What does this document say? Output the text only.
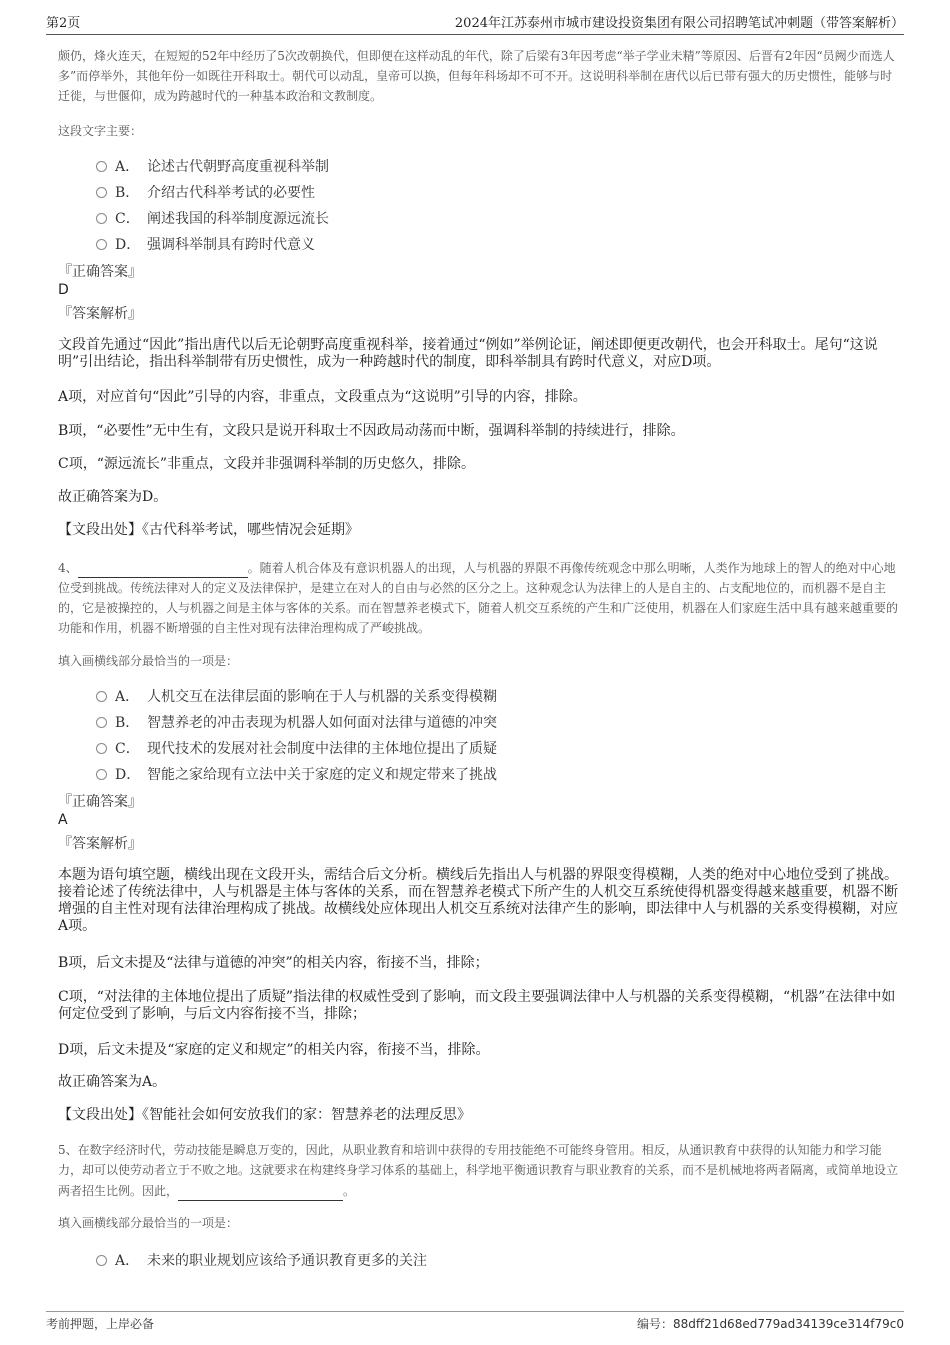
第2页	2024年江苏泰州市城市建设投资集团有限公司招聘笔试冲刺题（带答案解析）
颇仍，烽火连天，在短短的52年中经历了5次改朝换代，但即便在这样动乱的年代，除了后梁有3年因考虑“举子学业未精”等原因、后晋有2年因“员阙少而选人多”而停举外，其他年份一如既往开科取士。朝代可以动乱，皇帝可以换，但每年科场却不可不开。这说明科举制在唐代以后已带有强大的历史惯性，能够与时迁徙，与世偃仰，成为跨越时代的一种基本政治和文教制度。
这段文字主要：
A． 论述古代朝野高度重视科举制
B． 介绍古代科举考试的必要性
C． 阐述我国的科举制度源远流长
D． 强调科举制具有跨时代意义
『正确答案』
D
『答案解析』
文段首先通过“因此”指出唐代以后无论朝野高度重视科举，接着通过“例如”举例论证，阐述即便更改朝代，也会开科取士。尾句“这说明”引出结论，指出科举制带有历史惯性，成为一种跨越时代的制度，即科举制具有跨时代意义，对应D项。
A项，对应首句“因此”引导的内容，非重点，文段重点为“这说明”引导的内容，排除。
B项，“必要性”无中生有，文段只是说开科取士不因政局动荡而中断，强调科举制的持续进行，排除。
C项，“源远流长”非重点，文段并非强调科举制的历史悠久，排除。
故正确答案为D。
【文段出处】《古代科举考试，哪些情况会延期》
4、	。随着人机合体及有意识机器人的出现，人与机器的界限不再像传统观念中那么明晰，人类作为地球上的智人的绝对中心地位受到挑战。传统法律对人的定义及法律保护，是建立在对人的自由与必然的区分之上。这种观念认为法律上的人是自主的、占支配地位的，而机器不是自主的，它是被操控的，人与机器之间是主体与客体的关系。而在智慧养老模式下，随着人机交互系统的产生和广泛使用，机器在人们家庭生活中具有越来越重要的功能和作用，机器不断增强的自主性对现有法律治理构成了严峻挑战。
填入画横线部分最恰当的一项是：
A． 人机交互在法律层面的影响在于人与机器的关系变得模糊
B． 智慧养老的冲击表现为机器人如何面对法律与道德的冲突
C． 现代技术的发展对社会制度中法律的主体地位提出了质疑
D． 智能之家给现有立法中关于家庭的定义和规定带来了挑战
『正确答案』
A
『答案解析』
本题为语句填空题，横线出现在文段开头，需结合后文分析。横线后先指出人与机器的界限变得模糊，人类的绝对中心地位受到了挑战。接着论述了传统法律中，人与机器是主体与客体的关系，而在智慧养老模式下所产生的人机交互系统使得机器变得越来越重要，机器不断增强的自主性对现有法律治理构成了挑战。故横线处应体现出人机交互系统对法律产生的影响，即法律中人与机器的关系变得模糊，对应A项。
B项，后文未提及“法律与道德的冲突”的相关内容，衔接不当，排除；
C项，“对法律的主体地位提出了质疑”指法律的权威性受到了影响，而文段主要强调法律中人与机器的关系变得模糊，“机器”在法律中如何定位受到了影响，与后文内容衔接不当，排除；
D项，后文未提及“家庭的定义和规定”的相关内容，衔接不当，排除。
故正确答案为A。
【文段出处】《智能社会如何安放我们的家：智慧养老的法理反思》
5、在数字经济时代，劳动技能是瞬息万变的，因此，从职业教育和培训中获得的专用技能绝不可能终身管用。相反，从通识教育中获得的认知能力和学习能力，却可以使劳动者立于不败之地。这就要求在构建终身学习体系的基础上，科学地平衡通识教育与职业教育的关系，而不是机械地将两者隔离，或简单地设立两者招生比例。因此，	。
填入画横线部分最恰当的一项是：
A． 未来的职业规划应该给予通识教育更多的关注
考前押题，上岸必备	编号：88dff21d68ed779ad34139ce314f79c0
